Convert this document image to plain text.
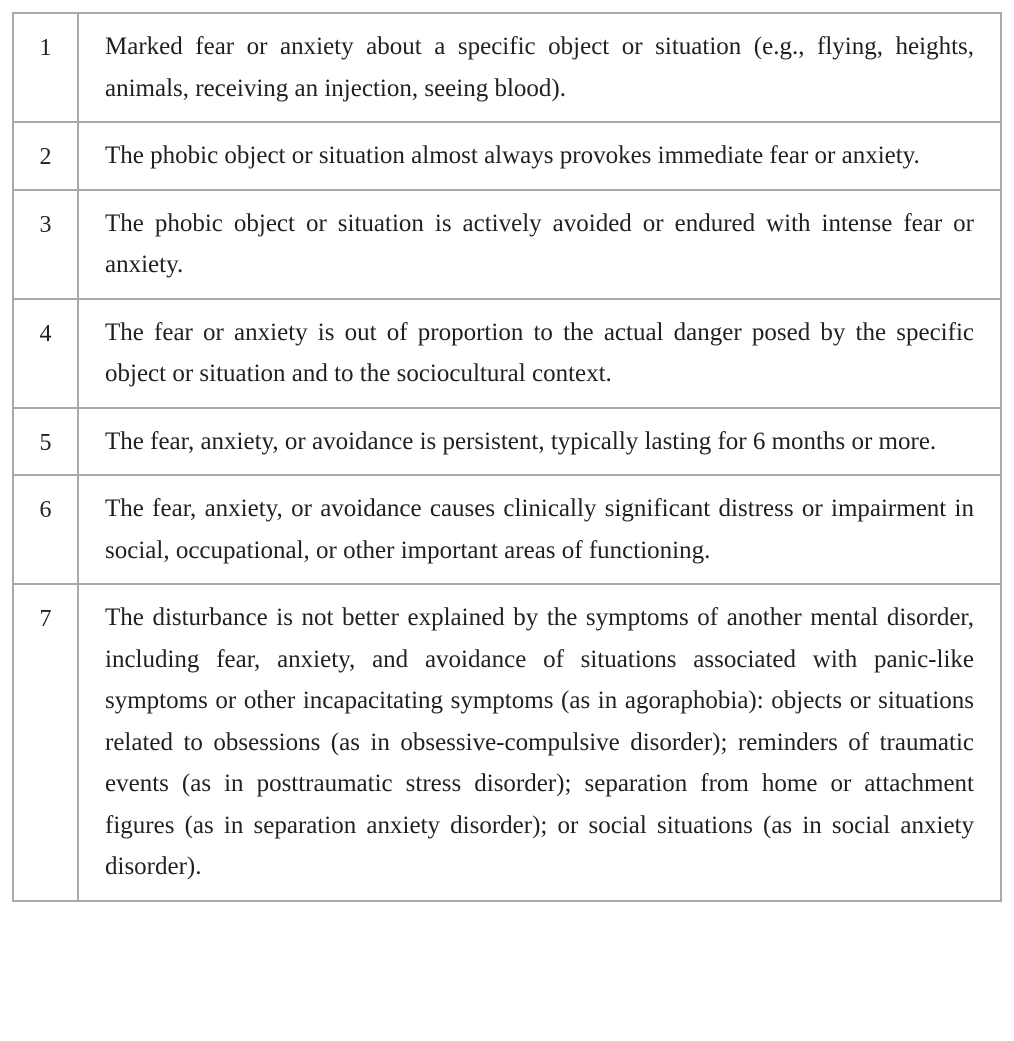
1	Marked fear or anxiety about a specific object or situation (e.g., flying, heights, animals, receiving an injection, seeing blood).
2	The phobic object or situation almost always provokes immediate fear or anxiety.
3	The phobic object or situation is actively avoided or endured with intense fear or anxiety.
4	The fear or anxiety is out of proportion to the actual danger posed by the specific object or situation and to the sociocultural context.
5	The fear, anxiety, or avoidance is persistent, typically lasting for 6 months or more.
6	The fear, anxiety, or avoidance causes clinically significant distress or impairment in social, occupational, or other important areas of functioning.
7	The disturbance is not better explained by the symptoms of another mental disorder, including fear, anxiety, and avoidance of situations associated with panic-like symptoms or other incapacitating symptoms (as in agoraphobia): objects or situations related to obsessions (as in obsessive-compulsive disorder); reminders of traumatic events (as in posttraumatic stress disorder); separation from home or attachment figures (as in separation anxiety disorder); or social situations (as in social anxiety disorder).
